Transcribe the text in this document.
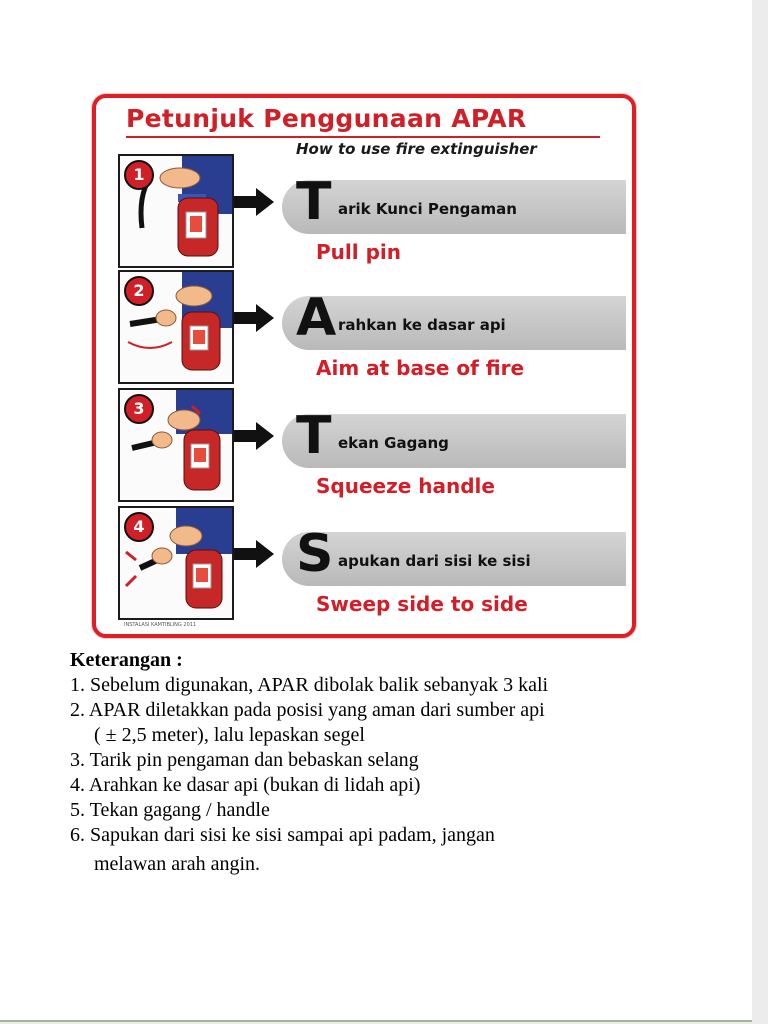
Petunjuk Penggunaan APAR
How to use fire extinguisher
T arik Kunci Pengaman
Pull pin
A rahkan ke dasar api
Aim at base of fire
T ekan Gagang
Squeeze handle
S apukan dari sisi ke sisi
Sweep side to side
INSTALASI KAMTIBLING 2011
1
2
3
4
Keterangan :
1. Sebelum digunakan, APAR dibolak balik sebanyak 3 kali
2. APAR diletakkan pada posisi yang aman dari sumber api
( ± 2,5 meter), lalu lepaskan segel
3. Tarik pin pengaman dan bebaskan selang
4. Arahkan ke dasar api (bukan di lidah api)
5. Tekan gagang / handle
6. Sapukan dari sisi ke sisi sampai api padam, jangan
melawan arah angin.
